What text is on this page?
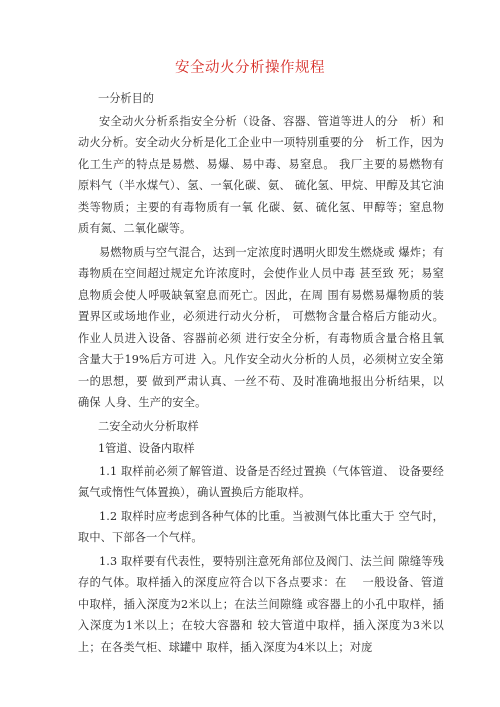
安全动火分析操作规程
一分析目的
安全动火分析系指安全分析（设备、容器、管道等进人的分　析）和动火分析。安全动火分析是化工企业中一项特別重要的分　析工作，因为化工生产的特点是易燃、易爆、易中毒、易窒息。 我厂主要的易燃物有原料气（半水煤气）、氢、一氧化碳、氨、 硫化氢、甲烷、甲醇及其它油类等物质；主要的有毒物质有一氧 化碳、氨、硫化氢、甲醇等；窒息物质有氮、二氧化碳等。
易燃物质与空气混合，达到一定浓度时遇明火即发生燃烧或 爆炸；有毒物质在空间超过规定允许浓度时，会使作业人员中毒 甚至致 死；易窒息物质会使人呼吸缺氧窒息而死亡。因此，在周 围有易燃易爆物质的装置界区或场地作业，必须进行动火分析， 可燃物含量合格后方能动火。作业人员进入设备、容器前必须 进行安全分析，有毒物质含量合格且氧含量大于19%后方可进 入。凡作安全动火分析的人员，必须树立安全第一的思想，要 做到严肃认真、一丝不苟、及时准确地报出分析结果，以确保 人身、生产的安全。
二安全动火分析取样
1管道、设备内取样
1.1 取样前必须了解管道、设备是否经过置换（气体管道、 设备要经氮气或惰性气体置换），确认置换后方能取样。
1.2 取样时应考虑到各种气体的比重。当被测气体比重大于 空气时，取中、下部各一个气样。
1.3 取样要有代表性，要特别注意死角部位及阀门、法兰间 隙缝等残存的气体。取样插入的深度应符合以下各点要求：在 　一般设备、管道中取样，插入深度为2米以上；在法兰间隙缝 或容器上的小孔中取样，插入深度为1米以上；在较大容器和 较大管道中取样，插入深度为3米以上；在各类气柜、球罐中 取样，插入深度为4米以上；对庞
